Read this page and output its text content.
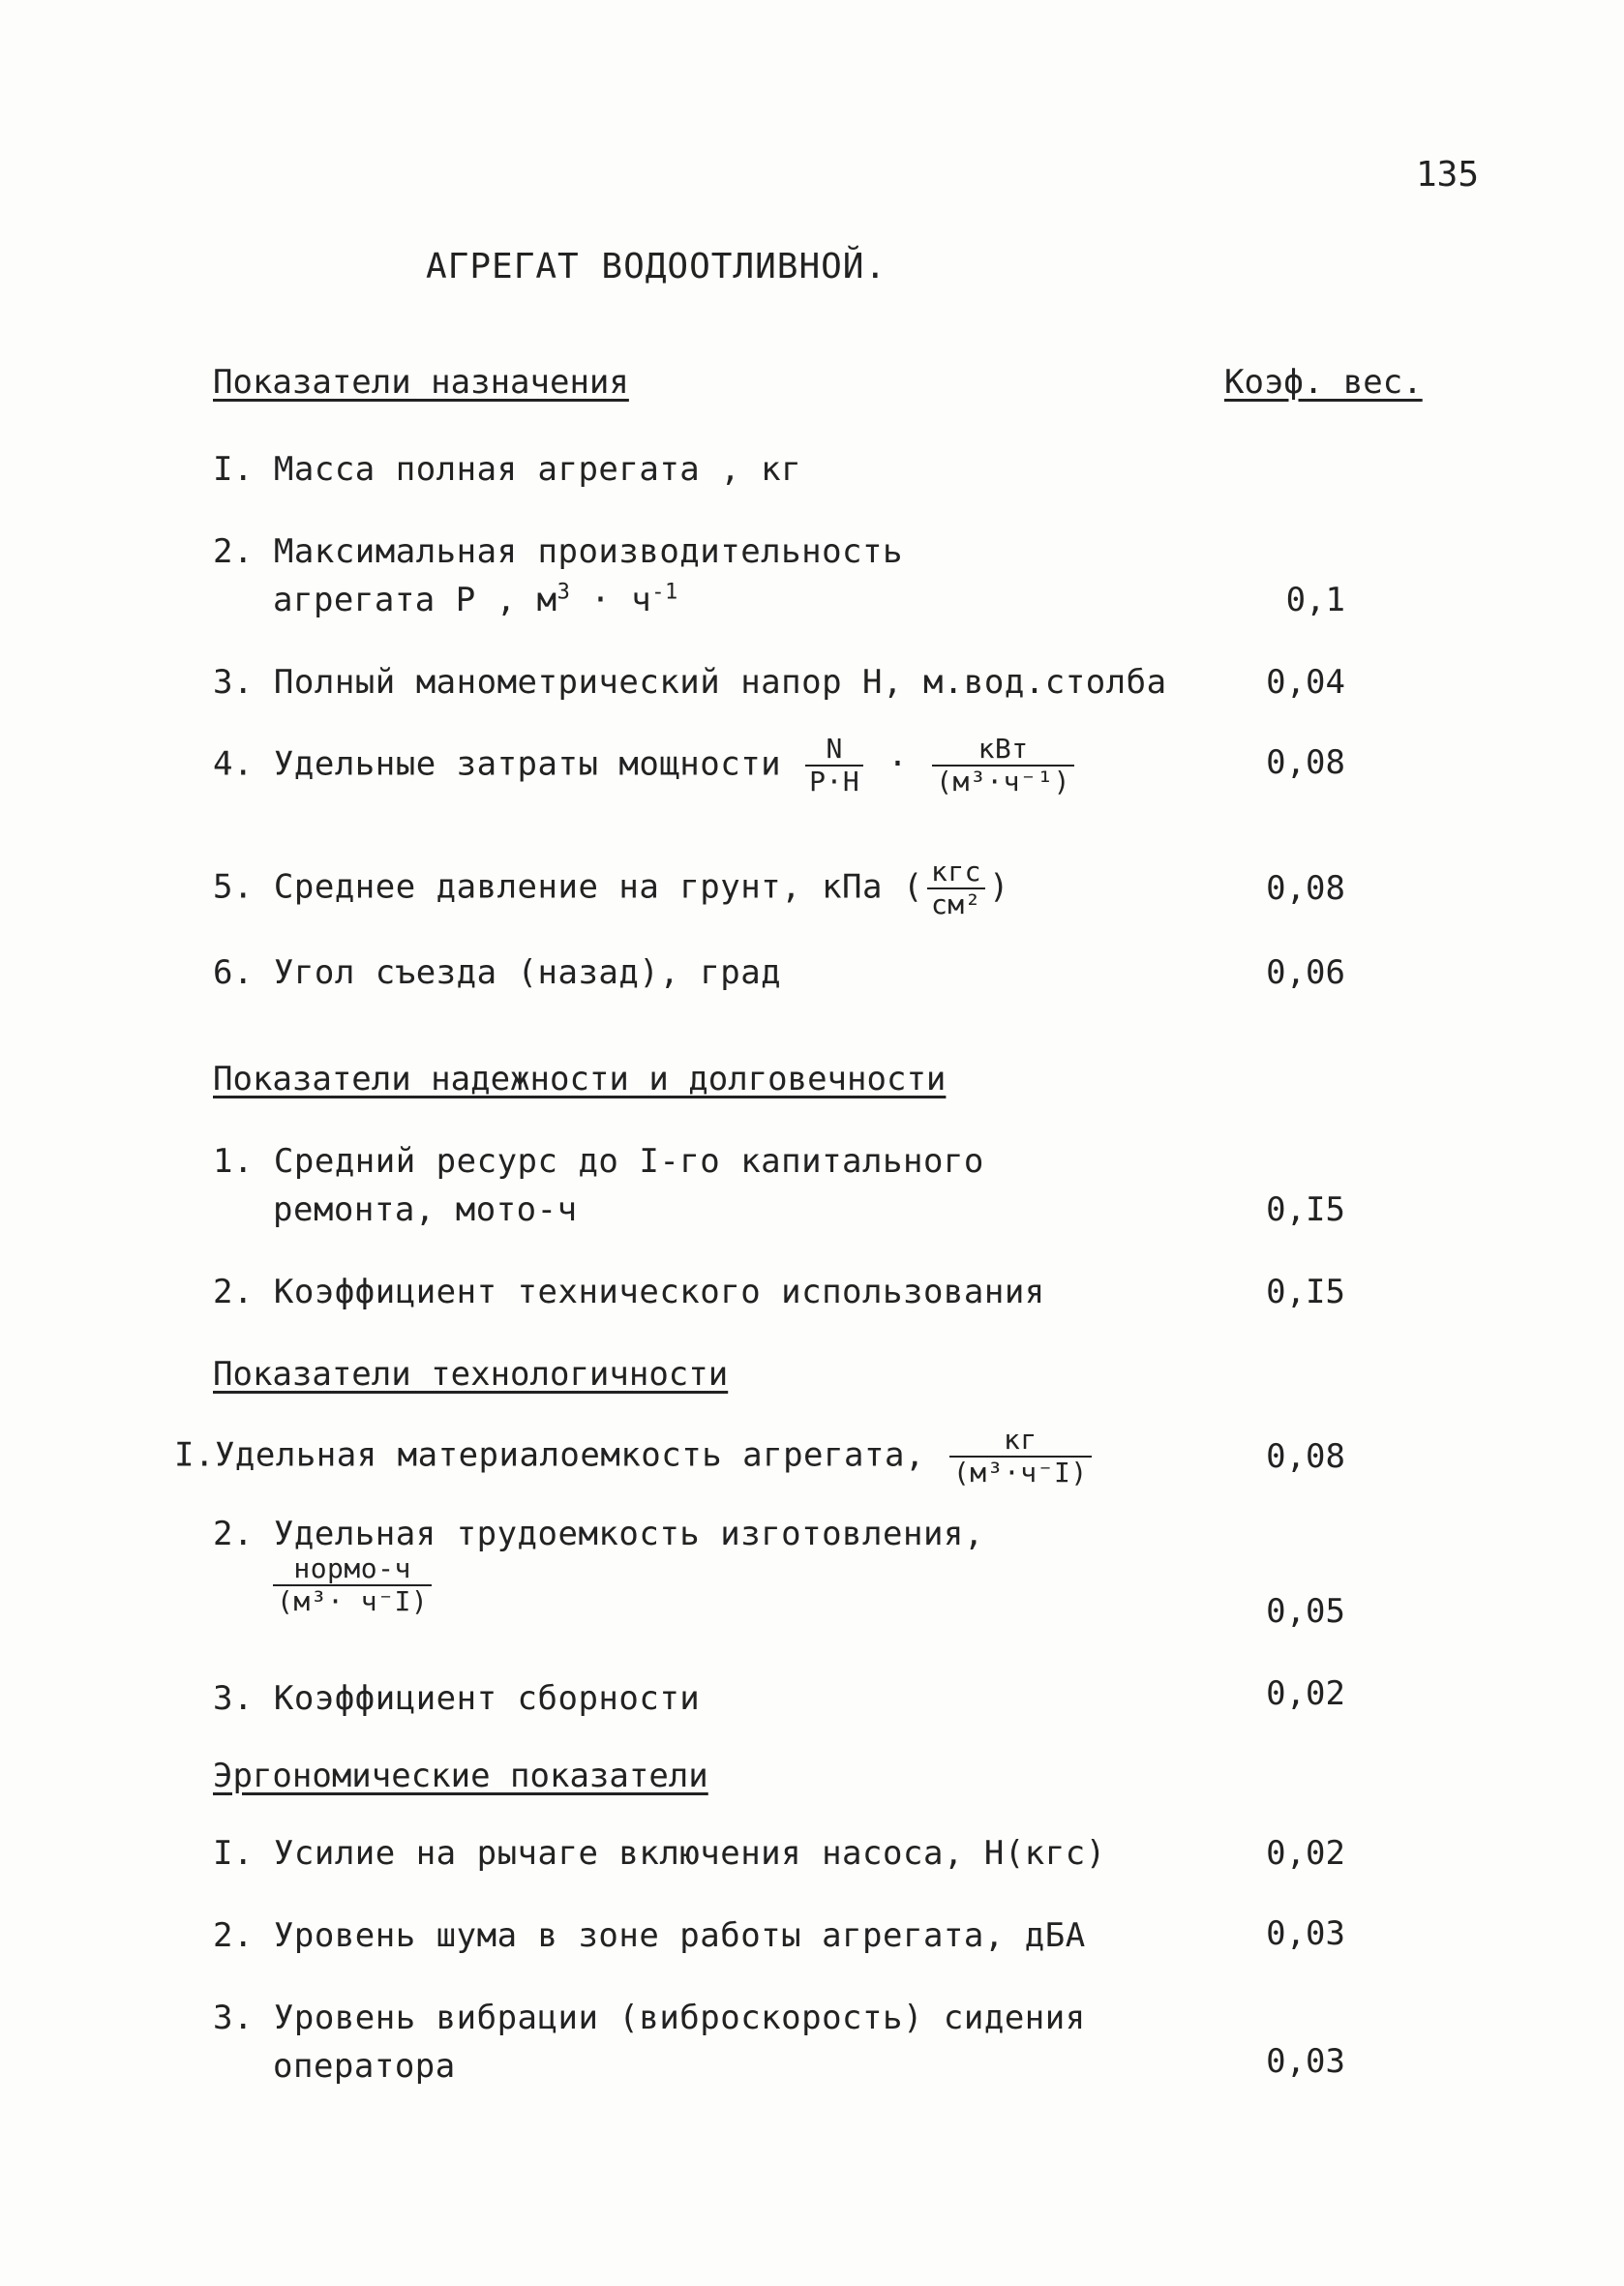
135
АГРЕГАТ ВОДООТЛИВНОЙ.
Показатели назначения	Коэф. вес.
I. Масса полная агрегата , кг
2. Максимальная производительность
агрегата Р , $м^3 \cdot ч^{-1}$	0,1
3. Полный манометрический напор Н, м.вод.столба	0,04
4. Удельные затраты мощности $\frac{N}{P\cdot H} \cdot \frac{\text{кВт}}{\text{(м³·ч⁻¹)}}$	0,08
5. Среднее давление на грунт, кПа ( $\frac{\text{кгс}}{\text{см²}}$ )	0,08
6. Угол съезда (назад), град	0,06
Показатели надежности и долговечности
1. Средний ресурс до I-го капитального
ремонта, мото-ч	0,I5
2. Коэффициент технического использования	0,I5
Показатели технологичности
I.Удельная материалоемкость агрегата, $\frac{кг}{\text{(м³·ч⁻I)}}$	0,08
2. Удельная трудоемкость изготовления,
$\frac{\text{нормо-ч}}{\text{(м³· ч⁻I)}}$	0,05
3. Коэффициент сборности	0,02
Эргономические показатели
I. Усилие на рычаге включения насоса, Н(кгс)	0,02
2. Уровень шума в зоне работы агрегата, дБА	0,03
3. Уровень вибрации (виброскорость) сидения
оператора	0,03
